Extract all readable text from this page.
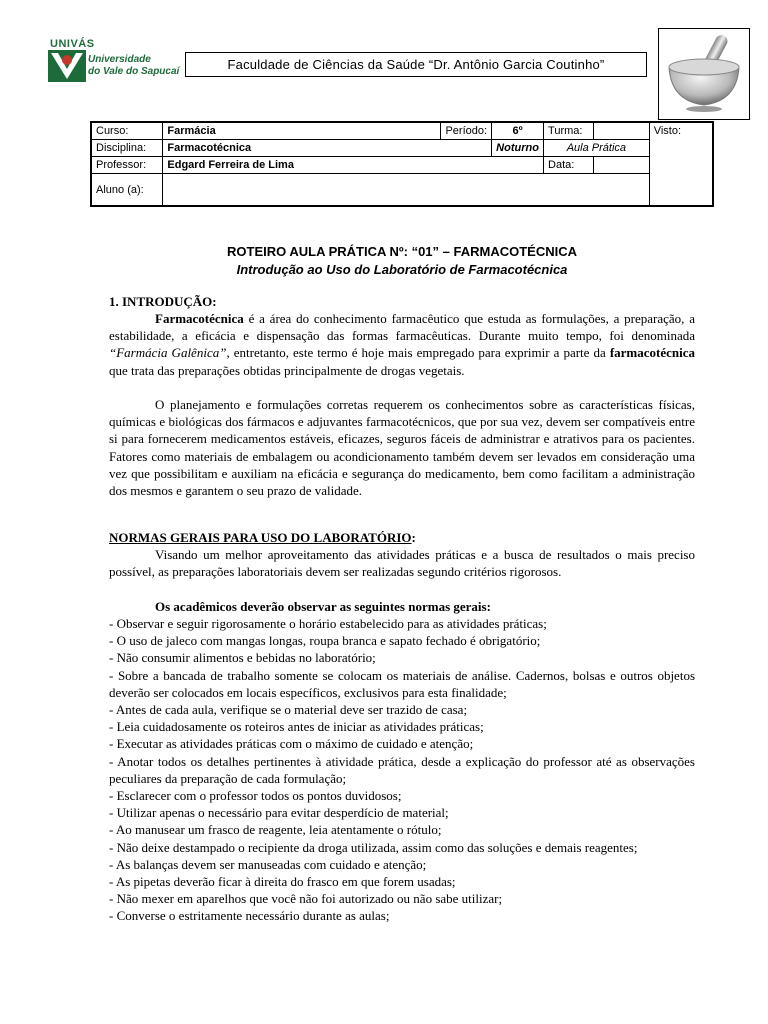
UNIVÁS
Universidade
do Vale do Sapucaí	Faculdade de Ciências da Saúde “Dr. Antônio Garcia Coutinho”
Curso:	Farmácia	Período:	6º	Turma:		Visto:
Disciplina:	Farmacotécnica		Noturno	Aula Prática		
Professor:	Edgard Ferreira de Lima			Data:		
Aluno (a):						
ROTEIRO AULA PRÁTICA Nº: “01” – FARMACOTÉCNICA
Introdução ao Uso do Laboratório de Farmacotécnica
1. INTRODUÇÃO:
Farmacotécnica é a área do conhecimento farmacêutico que estuda as formulações, a preparação, a estabilidade, a eficácia e dispensação das formas farmacêuticas. Durante muito tempo, foi denominada “Farmácia Galênica”, entretanto, este termo é hoje mais empregado para exprimir a parte da farmacotécnica que trata das preparações obtidas principalmente de drogas vegetais.
O planejamento e formulações corretas requerem os conhecimentos sobre as características físicas, químicas e biológicas dos fármacos e adjuvantes farmacotécnicos, que por sua vez, devem ser compatíveis entre si para fornecerem medicamentos estáveis, eficazes, seguros fáceis de administrar e atrativos para os pacientes. Fatores como materiais de embalagem ou acondicionamento também devem ser levados em consideração uma vez que possibilitam e auxiliam na eficácia e segurança do medicamento, bem como facilitam a administração dos mesmos e garantem o seu prazo de validade.
NORMAS GERAIS PARA USO DO LABORATÓRIO:
Visando um melhor aproveitamento das atividades práticas e a busca de resultados o mais preciso possível, as preparações laboratoriais devem ser realizadas segundo critérios rigorosos.
Os acadêmicos deverão observar as seguintes normas gerais:

- Observar e seguir rigorosamente o horário estabelecido para as atividades práticas;

- O uso de jaleco com mangas longas, roupa branca e sapato fechado é obrigatório;

- Não consumir alimentos e bebidas no laboratório;

- Sobre a bancada de trabalho somente se colocam os materiais de análise. Cadernos, bolsas e outros objetos deverão ser colocados em locais específicos, exclusivos para esta finalidade;

- Antes de cada aula, verifique se o material deve ser trazido de casa;

- Leia cuidadosamente os roteiros antes de iniciar as atividades práticas;

- Executar as atividades práticas com o máximo de cuidado e atenção;

- Anotar todos os detalhes pertinentes à atividade prática, desde a explicação do professor até as observações peculiares da preparação de cada formulação;

- Esclarecer com o professor todos os pontos duvidosos;

- Utilizar apenas o necessário para evitar desperdício de material;

- Ao manusear um frasco de reagente, leia atentamente o rótulo;

- Não deixe destampado o recipiente da droga utilizada, assim como das soluções e demais reagentes;

- As balanças devem ser manuseadas com cuidado e atenção;

- As pipetas deverão ficar à direita do frasco em que forem usadas;

- Não mexer em aparelhos que você não foi autorizado ou não sabe utilizar;

- Converse o estritamente necessário durante as aulas;
